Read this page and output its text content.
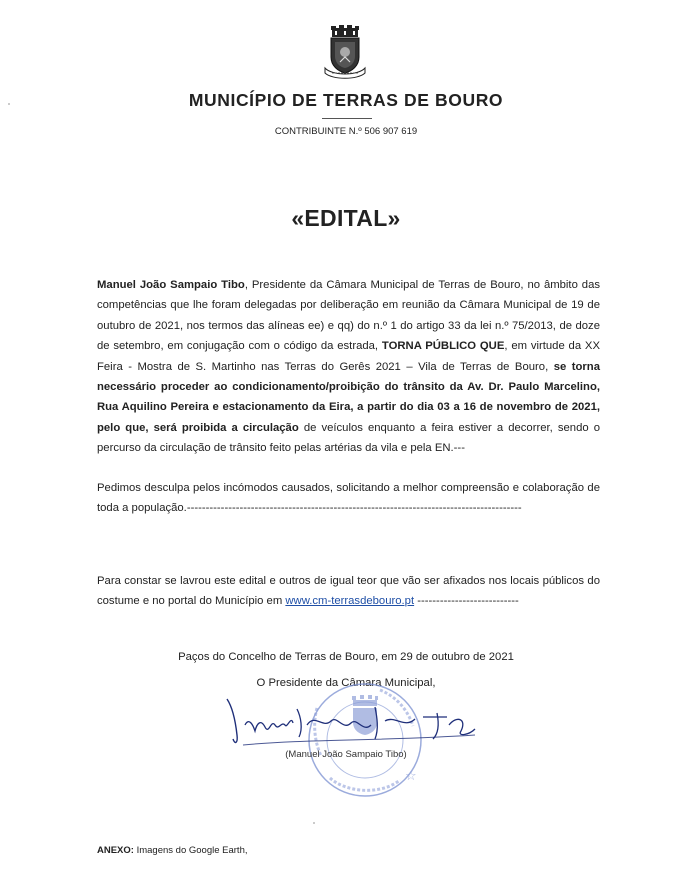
MUNICÍPIO DE TERRAS DE BOURO
CONTRIBUINTE N.º 506 907 619
«EDITAL»
Manuel João Sampaio Tibo, Presidente da Câmara Municipal de Terras de Bouro, no âmbito das competências que lhe foram delegadas por deliberação em reunião da Câmara Municipal de 19 de outubro de 2021, nos termos das alíneas ee) e qq) do n.º 1 do artigo 33 da lei n.º 75/2013, de doze de setembro, em conjugação com o código da estrada, TORNA PÚBLICO QUE, em virtude da XX Feira - Mostra de S. Martinho nas Terras do Gerês 2021 – Vila de Terras de Bouro, se torna necessário proceder ao condicionamento/proibição do trânsito da Av. Dr. Paulo Marcelino, Rua Aquilino Pereira e estacionamento da Eira, a partir do dia 03 a 16 de novembro de 2021, pelo que, será proibida a circulação de veículos enquanto a feira estiver a decorrer, sendo o percurso da circulação de trânsito feito pelas artérias da vila e pela EN.---
Pedimos desculpa pelos incómodos causados, solicitando a melhor compreensão e colaboração de toda a população.-----------------------------------------------------------------------------------------
Para constar se lavrou este edital e outros de igual teor que vão ser afixados nos locais públicos do costume e no portal do Município em www.cm-terrasdebouro.pt ---------------------------
Paços do Concelho de Terras de Bouro, em 29 de outubro de 2021
O Presidente da Câmara Municipal,
☆
(Manuel João Sampaio Tibo)
ANEXO: Imagens do Google Earth,
